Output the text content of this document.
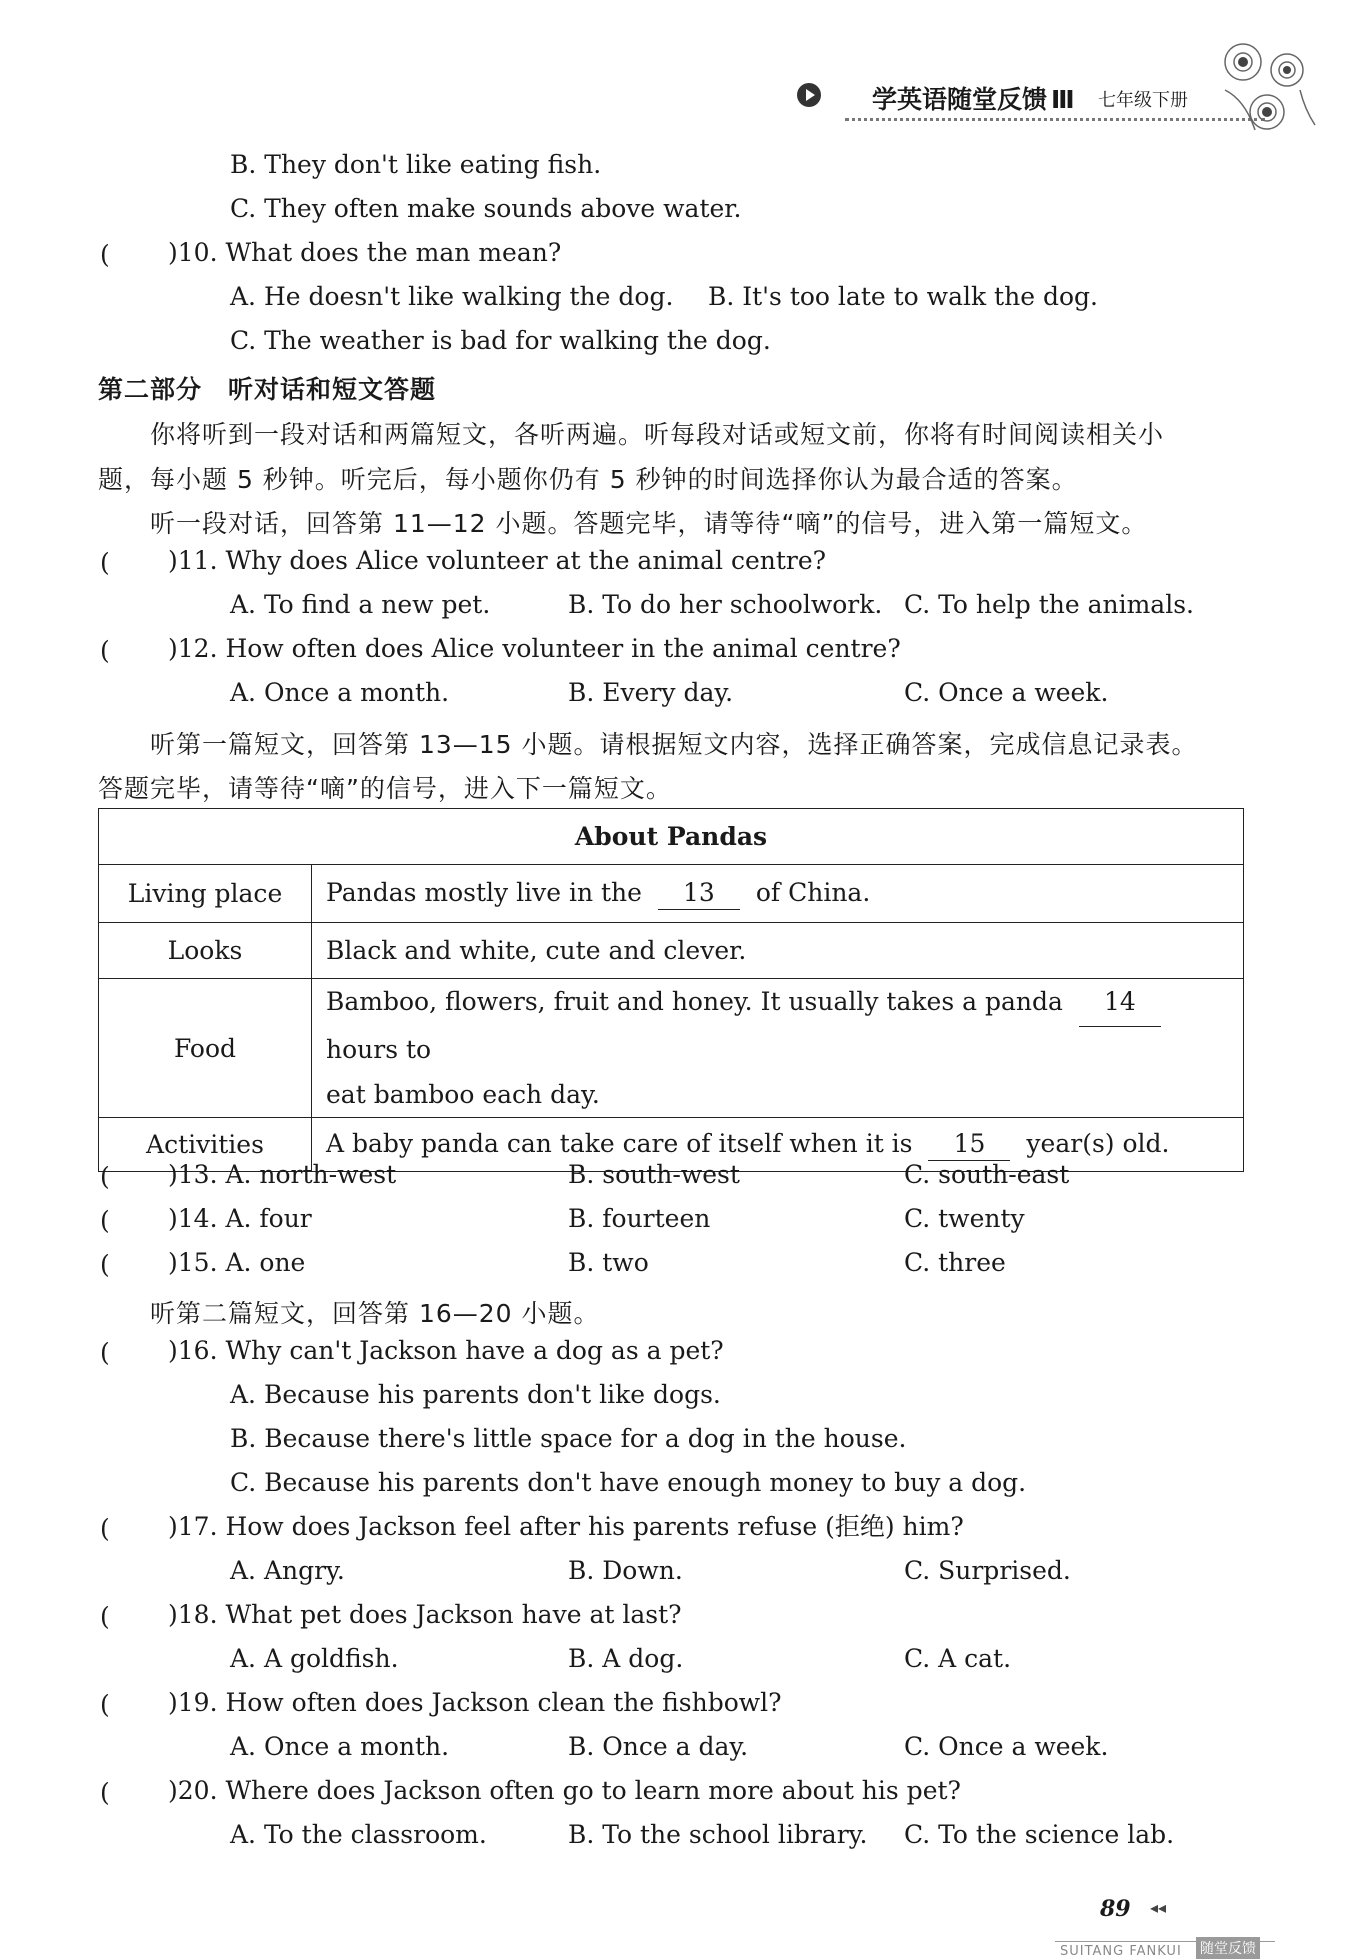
学英语随堂反馈 Ⅲ 七年级下册
B. They don't like eating fish.
C. They often make sounds above water.
( )10. What does the man mean?
A. He doesn't like walking the dog. B. It's too late to walk the dog.
C. The weather is bad for walking the dog.
第二部分　听对话和短文答题
你将听到一段对话和两篇短文，各听两遍。听每段对话或短文前，你将有时间阅读相关小
题，每小题 5 秒钟。听完后，每小题你仍有 5 秒钟的时间选择你认为最合适的答案。
听一段对话，回答第 11—12 小题。答题完毕，请等待“嘀”的信号，进入第一篇短文。
( )11. Why does Alice volunteer at the animal centre?
A. To find a new pet.	B. To do her schoolwork. C. To help the animals.
( )12. How often does Alice volunteer in the animal centre?
A. Once a month.	B. Every day.	C. Once a week.
听第一篇短文，回答第 13—15 小题。请根据短文内容，选择正确答案，完成信息记录表。
答题完毕，请等待“嘀”的信号，进入下一篇短文。
About Pandas	
Living place	Pandas mostly live in the 13 of China.
Looks	Black and white, cute and clever.
Food	Bamboo, flowers, fruit and honey. It usually takes a panda 14 hours to
eat bamboo each day.
Activities	A baby panda can take care of itself when it is 15 year(s) old.
( )13. A. north-west	B. south-west	C. south-east
( )14. A. four	B. fourteen	C. twenty
( )15. A. one	B. two	C. three
听第二篇短文，回答第 16—20 小题。
( )16. Why can't Jackson have a dog as a pet?
A. Because his parents don't like dogs.
B. Because there's little space for a dog in the house.
C. Because his parents don't have enough money to buy a dog.
( )17. How does Jackson feel after his parents refuse (拒绝) him?
A. Angry.	B. Down.	C. Surprised.
( )18. What pet does Jackson have at last?
A. A goldfish.	B. A dog.	C. A cat.
( )19. How often does Jackson clean the fishbowl?
A. Once a month.	B. Once a day.	C. Once a week.
( )20. Where does Jackson often go to learn more about his pet?
A. To the classroom.	B. To the school library. C. To the science lab.
89 ◂◂
SUITANG FANKUI 随堂反馈
